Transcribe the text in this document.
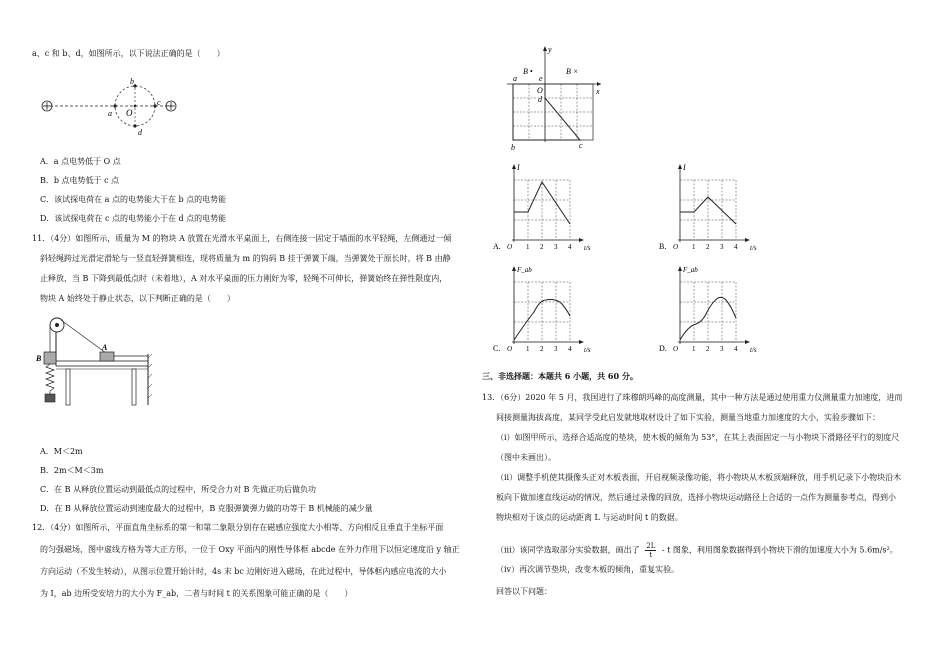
a、c 和 b、d，如图所示，以下说法正确的是（　　）
a
b
c
d
O
A．a 点电势低于 O 点
B．b 点电势低于 c 点
C．该试探电荷在 a 点的电势能大于在 b 点的电势能
D．该试探电荷在 c 点的电势能小于在 d 点的电势能
11．（4分）如图所示，质量为 M 的物块 A 放置在光滑水平桌面上，右侧连接一固定于墙面的水平轻绳，左侧通过一倾
斜轻绳跨过光滑定滑轮与一竖直轻弹簧相连，现将质量为 m 的钩码 B 挂于弹簧下端，当弹簧处于原长时，将 B 由静
止释放，当 B 下降到最低点时（未着地），A 对水平桌面的压力刚好为零，轻绳不可伸长，弹簧始终在弹性限度内，
物块 A 始终处于静止状态，以下判断正确的是（　　）
A
B
A．M＜2m
B．2m＜M＜3m
C．在 B 从释放位置运动到最低点的过程中，所受合力对 B 先做正功后做负功
D．在 B 从释放位置运动到速度最大的过程中，B 克服弹簧弹力做的功等于 B 机械能的减少量
12．（4分）如图所示，平面直角坐标系的第一和第二象限分别存在磁感应强度大小相等、方向相反且垂直于坐标平面
的匀强磁场，图中虚线方格为等大正方形，一位于 Oxy 平面内的刚性导体框 abcde 在外力作用下以恒定速度沿 y 轴正
方向运动（不发生转动），从图示位置开始计时，4s 末 bc 边刚好进入磁场，在此过程中，导体框内感应电流的大小
为 I，ab 边所受安培力的大小为 F_ab，二者与时间 t 的关系图象可能正确的是（　　）
y
x
a
b	c
d
e
O
B •	B ×
I
t/s
O 1 2 3 4
A.
I
t/s
O 1 2 3 4
B.
F_ab
t/s
O 1 2 3 4
C.
F_ab
t/s
O 1 2 3 4
D.
三、非选择题：本题共 6 小题，共 60 分。
13．（6分）2020 年 5 月，我国进行了珠穆朗玛峰的高度测量，其中一种方法是通过使用重力仪测量重力加速度，进而
间接测量海拔高度，某同学受此启发就地取材设计了如下实验，测量当地重力加速度的大小，实验步骤如下：
（i）如图甲所示，选择合适高度的垫块，使木板的倾角为 53°，在其上表面固定一与小物块下滑路径平行的刻度尺
（图中未画出）。
（ii）调整手机使其摄像头正对木板表面，开启视频录像功能，将小物块从木板顶端释放，用手机记录下小物块沿木
板向下做加速直线运动的情况，然后通过录像的回放，选择小物块运动路径上合适的一点作为测量参考点，得到小
物块相对于该点的运动距离 L 与运动时间 t 的数据。
（iii）该同学选取部分实验数据，画出了 $\frac{2L}{t}$ - t 图象，利用图象数据得到小物块下滑的加速度大小为 5.6m/s²。
（iv）再次调节垫块，改变木板的倾角，重复实验。
回答以下问题：
